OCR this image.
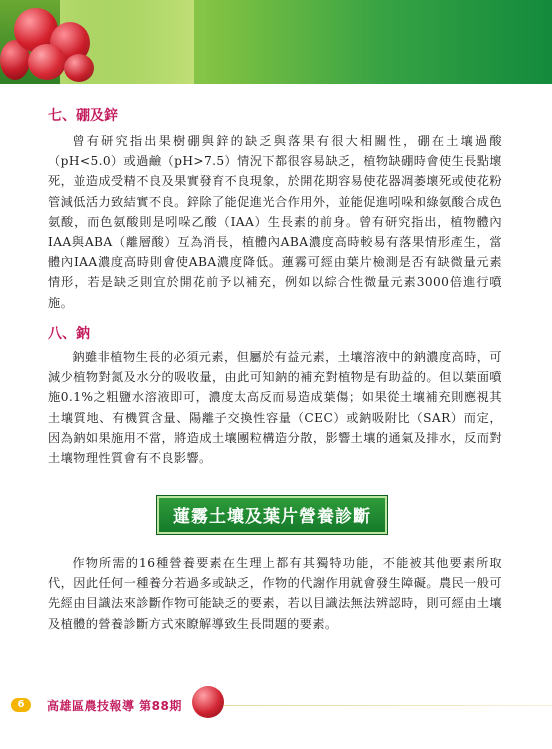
七、硼及鋅

曾有研究指出果樹硼與鋅的缺乏與落果有很大相關性，硼在土壤過酸（pH<5.0）或過鹼（pH>7.5）情況下都很容易缺乏，植物缺硼時會使生長點壞死，並造成受精不良及果實發育不良現象，於開花期容易使花器凋萎壞死或使花粉管減低活力致結實不良。鋅除了能促進光合作用外，並能促進吲哚和綠氨酸合成色氨酸，而色氨酸則是吲哚乙酸（IAA）生長素的前身。曾有研究指出，植物體內IAA與ABA（離層酸）互為消長，植體內ABA濃度高時較易有落果情形產生，當體內IAA濃度高時則會使ABA濃度降低。蓮霧可經由葉片檢測是否有缺微量元素情形，若是缺乏則宜於開花前予以補充，例如以綜合性微量元素3000倍進行噴施。

八、鈉

鈉雖非植物生長的必須元素，但屬於有益元素，土壤溶液中的鈉濃度高時，可減少植物對氮及水分的吸收量，由此可知鈉的補充對植物是有助益的。但以葉面噴施0.1%之粗鹽水溶液即可，濃度太高反而易造成葉傷；如果從土壤補充則應視其土壤質地、有機質含量、陽離子交換性容量（CEC）或鈉吸附比（SAR）而定，因為鈉如果施用不當，將造成土壤團粒構造分散，影響土壤的通氣及排水，反而對土壤物理性質會有不良影響。

蓮霧土壤及葉片營養診斷

作物所需的16種營養要素在生理上都有其獨特功能，不能被其他要素所取代，因此任何一種養分若過多或缺乏，作物的代謝作用就會發生障礙。農民一般可先經由目識法來診斷作物可能缺乏的要素，若以目識法無法辨認時，則可經由土壤及植體的營養診斷方式來瞭解導致生長問題的要素。

6	高雄區農技報導 第88期
